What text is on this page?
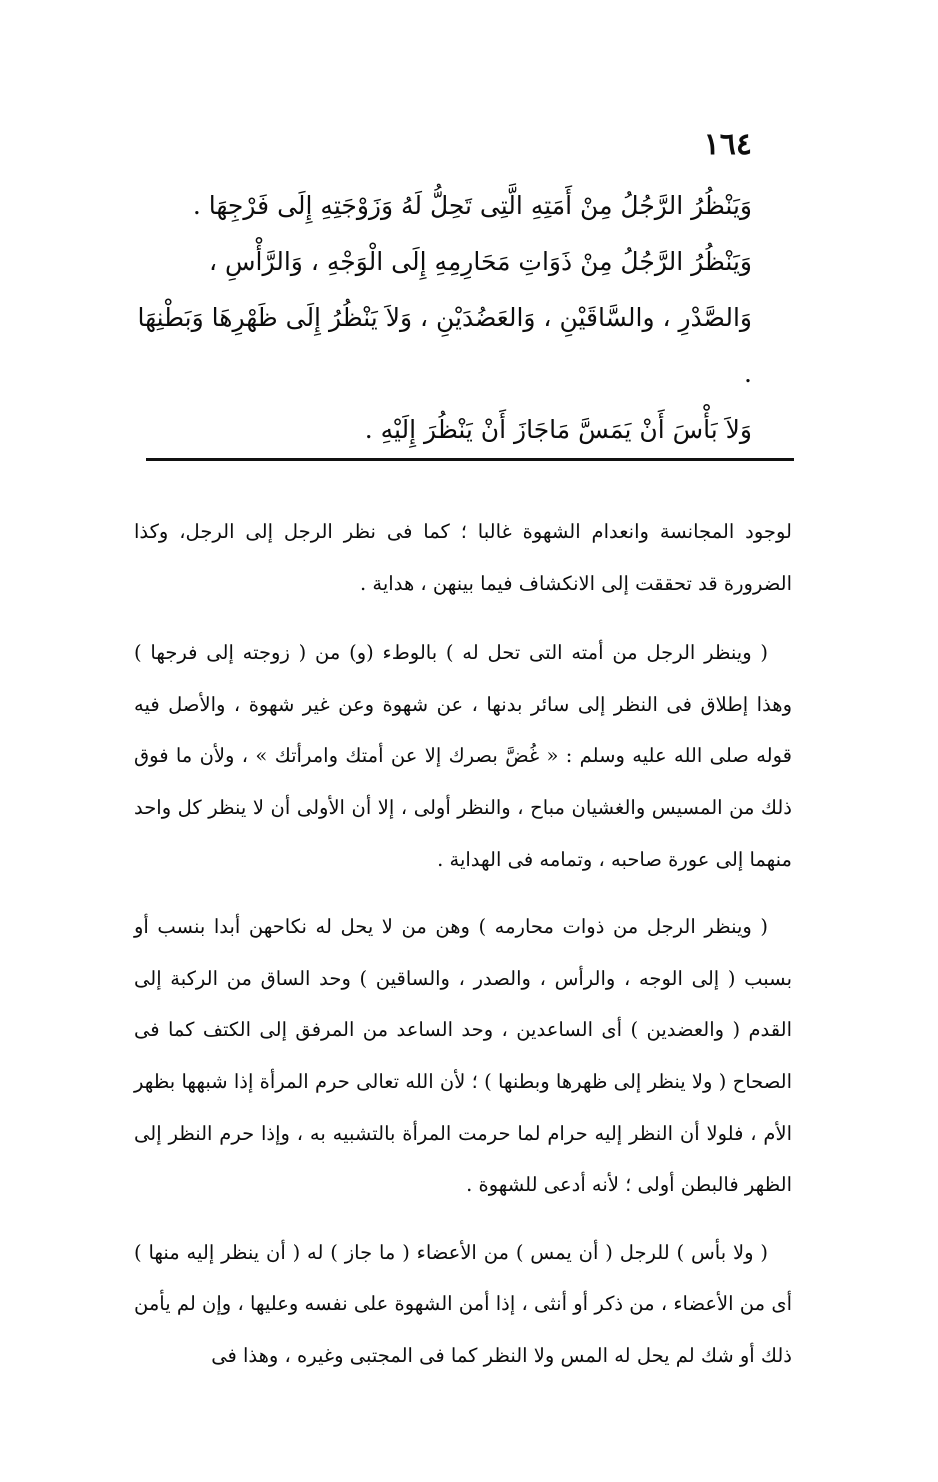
١٦٤

وَيَنْظُرُ الرَّجُلُ مِنْ أَمَتِهِ الَّتِى تَحِلُّ لَهُ وَزَوْجَتِهِ إِلَى فَرْجِهَا .

وَيَنْظُرُ الرَّجُلُ مِنْ ذَوَاتِ مَحَارِمِهِ إِلَى الْوَجْهِ ، وَالرَّأْسِ ، وَالصَّدْرِ ، والسَّاقَيْنِ ، وَالعَضُدَيْنِ ، وَلاَ يَنْظُرُ إِلَى ظَهْرِهَا وَبَطْنِهَا .

وَلاَ بَأْسَ أَنْ يَمَسَّ مَاجَازَ أَنْ يَنْظُرَ إِلَيْهِ .

لوجود المجانسة وانعدام الشهوة غالبا ؛ كما فى نظر الرجل إلى الرجل، وكذا الضرورة قد تحققت إلى الانكشاف فيما بينهن ، هداية .

( وينظر الرجل من أمته التى تحل له ) بالوطء (و) من ( زوجته إلى فرجها ) وهذا إطلاق فى النظر إلى سائر بدنها ، عن شهوة وعن غير شهوة ، والأصل فيه قوله صلى الله عليه وسلم : « غُضَّ بصرك إلا عن أمتك وامرأتك » ، ولأن ما فوق ذلك من المسيس والغشيان مباح ، والنظر أولى ، إلا أن الأولى أن لا ينظر كل واحد منهما إلى عورة صاحبه ، وتمامه فى الهداية .

( وينظر الرجل من ذوات محارمه ) وهن من لا يحل له نكاحهن أبدا بنسب أو بسبب ( إلى الوجه ، والرأس ، والصدر ، والساقين ) وحد الساق من الركبة إلى القدم ( والعضدين ) أى الساعدين ، وحد الساعد من المرفق إلى الكتف كما فى الصحاح ( ولا ينظر إلى ظهرها وبطنها ) ؛ لأن الله تعالى حرم المرأة إذا شبهها بظهر الأم ، فلولا أن النظر إليه حرام لما حرمت المرأة بالتشبيه به ، وإذا حرم النظر إلى الظهر فالبطن أولى ؛ لأنه أدعى للشهوة .

( ولا بأس ) للرجل ( أن يمس ) من الأعضاء ( ما جاز ) له ( أن ينظر إليه منها ) أى من الأعضاء ، من ذكر أو أنثى ، إذا أمن الشهوة على نفسه وعليها ، وإن لم يأمن ذلك أو شك لم يحل له المس ولا النظر كما فى المجتبى وغيره ، وهذا فى
